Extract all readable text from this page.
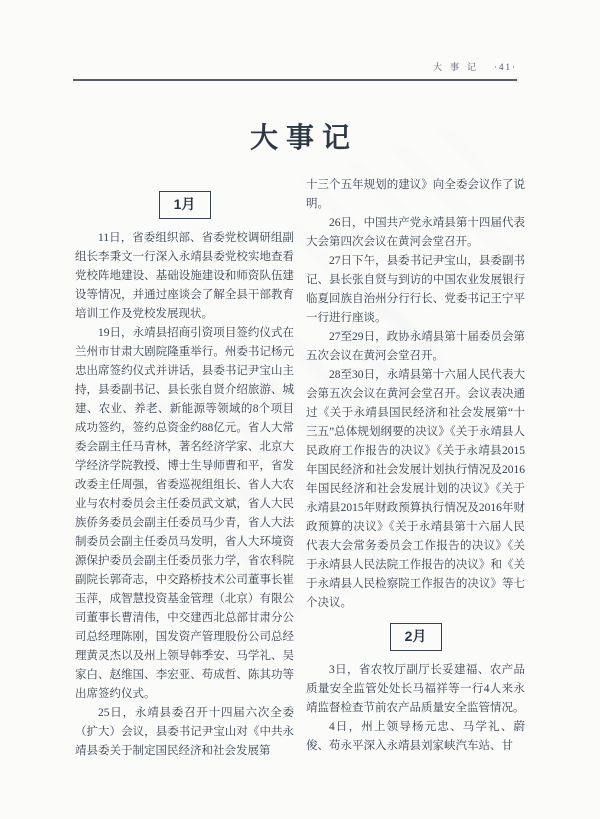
大事记 ·41·
大事记
1月

11日，省委组织部、省委党校调研组副组长李秉文一行深入永靖县委党校实地查看党校阵地建设、基础设施建设和师资队伍建设等情况，并通过座谈会了解全县干部教育培训工作及党校发展现状。

19日，永靖县招商引资项目签约仪式在兰州市甘肃大剧院隆重举行。州委书记杨元忠出席签约仪式并讲话，县委书记尹宝山主持，县委副书记、县长张自贤介绍旅游、城建、农业、养老、新能源等领域的8个项目成功签约，签约总资金约88亿元。省人大常委会副主任马青林，著名经济学家、北京大学经济学院教授、博士生导师曹和平，省发改委主任周强，省委巡视组组长、省人大农业与农村委员会主任委员武文斌，省人大民族侨务委员会副主任委员马少青，省人大法制委员会副主任委员马发明，省人大环境资源保护委员会副主任委员张力学，省农科院副院长郭奇志，中交路桥技术公司董事长崔玉萍，成智慧投资基金管理（北京）有限公司董事长曹清伟，中交建西北总部甘肃分公司总经理陈刚，国发资产管理股份公司总经理黄灵杰以及州上领导韩季安、马学礼、吴家白、赵维国、李宏亚、苟成哲、陈其功等出席签约仪式。

25日，永靖县委召开十四届六次全委（扩大）会议，县委书记尹宝山对《中共永靖县委关于制定国民经济和社会发展第

十三个五年规划的建议》向全委会议作了说明。

26日，中国共产党永靖县第十四届代表大会第四次会议在黄河会堂召开。

27日下午，县委书记尹宝山，县委副书记、县长张自贤与到访的中国农业发展银行临夏回族自治州分行行长、党委书记王宁平一行进行座谈。

27至29日，政协永靖县第十届委员会第五次会议在黄河会堂召开。

28至30日，永靖县第十六届人民代表大会第五次会议在黄河会堂召开。会议表决通过《关于永靖县国民经济和社会发展第“十三五”总体规划纲要的决议》《关于永靖县人民政府工作报告的决议》《关于永靖县2015年国民经济和社会发展计划执行情况及2016年国民经济和社会发展计划的决议》《关于永靖县2015年财政预算执行情况及2016年财政预算的决议》《关于永靖县第十六届人民代表大会常务委员会工作报告的决议》《关于永靖县人民法院工作报告的决议》和《关于永靖县人民检察院工作报告的决议》等七个决议。

2月

3日，省农牧厅副厅长妥建福、农产品质量安全监管处处长马福祥等一行4人来永靖监督检查节前农产品质量安全监管情况。

4日，州上领导杨元忠、马学礼、蔚俊、苟永平深入永靖县刘家峡汽车站、甘
